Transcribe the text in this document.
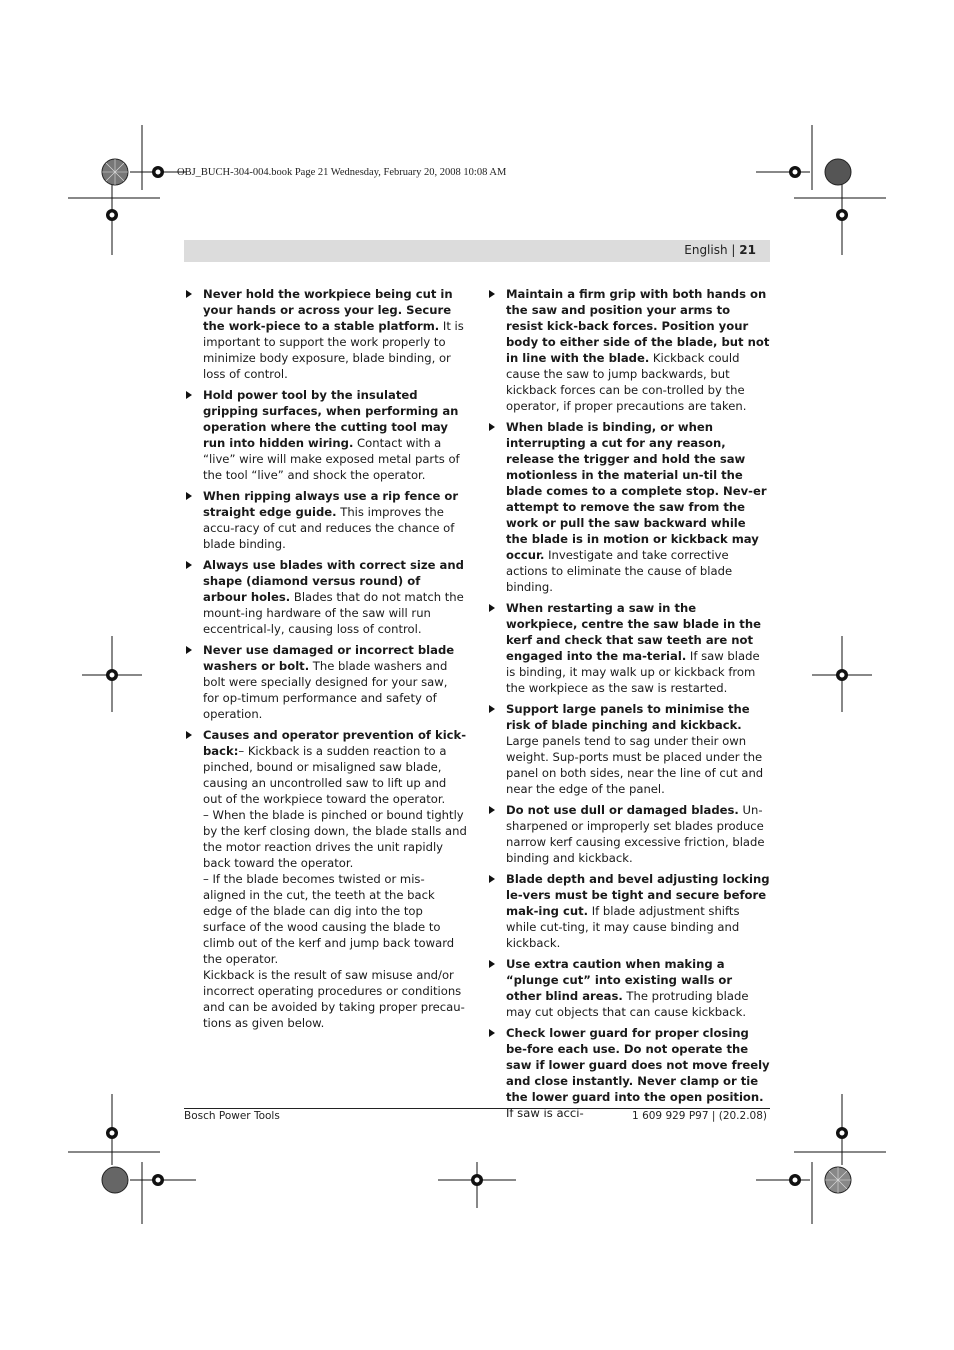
OBJ_BUCH-304-004.book Page 21 Wednesday, February 20, 2008 10:08 AM
English | 21

Never hold the workpiece being cut in your hands or across your leg. Secure the work-piece to a stable platform. It is important to support the work properly to minimize body exposure, blade binding, or loss of control.

Hold power tool by the insulated gripping surfaces, when performing an operation where the cutting tool may run into hidden wiring. Contact with a “live” wire will make exposed metal parts of the tool “live” and shock the operator.

When ripping always use a rip fence or straight edge guide. This improves the accu-racy of cut and reduces the chance of blade binding.

Always use blades with correct size and shape (diamond versus round) of arbour holes. Blades that do not match the mount-ing hardware of the saw will run eccentrical-ly, causing loss of control.

Never use damaged or incorrect blade washers or bolt. The blade washers and bolt were specially designed for your saw, for op-timum performance and safety of operation.

Causes and operator prevention of kick-back:– Kickback is a sudden reaction to a pinched, bound or misaligned saw blade, causing an uncontrolled saw to lift up and out of the workpiece toward the operator.
– When the blade is pinched or bound tightly by the kerf closing down, the blade stalls and the motor reaction drives the unit rapidly back toward the operator.
– If the blade becomes twisted or mis-aligned in the cut, the teeth at the back edge of the blade can dig into the top surface of the wood causing the blade to climb out of the kerf and jump back toward the operator.
Kickback is the result of saw misuse and/or incorrect operating procedures or conditions and can be avoided by taking proper precau-tions as given below.

Maintain a firm grip with both hands on the saw and position your arms to resist kick-back forces. Position your body to either side of the blade, but not in line with the blade. Kickback could cause the saw to jump backwards, but kickback forces can be con-trolled by the operator, if proper precautions are taken.

When blade is binding, or when interrupting a cut for any reason, release the trigger and hold the saw motionless in the material un-til the blade comes to a complete stop. Nev-er attempt to remove the saw from the work or pull the saw backward while the blade is in motion or kickback may occur. Investigate and take corrective actions to eliminate the cause of blade binding.

When restarting a saw in the workpiece, centre the saw blade in the kerf and check that saw teeth are not engaged into the ma-terial. If saw blade is binding, it may walk up or kickback from the workpiece as the saw is restarted.

Support large panels to minimise the risk of blade pinching and kickback. Large panels tend to sag under their own weight. Sup-ports must be placed under the panel on both sides, near the line of cut and near the edge of the panel.

Do not use dull or damaged blades. Un-sharpened or improperly set blades produce narrow kerf causing excessive friction, blade binding and kickback.

Blade depth and bevel adjusting locking le-vers must be tight and secure before mak-ing cut. If blade adjustment shifts while cut-ting, it may cause binding and kickback.

Use extra caution when making a “plunge cut” into existing walls or other blind areas. The protruding blade may cut objects that can cause kickback.

Check lower guard for proper closing be-fore each use. Do not operate the saw if lower guard does not move freely and close instantly. Never clamp or tie the lower guard into the open position. If saw is acci-

Bosch Power Tools	1 609 929 P97 | (20.2.08)
